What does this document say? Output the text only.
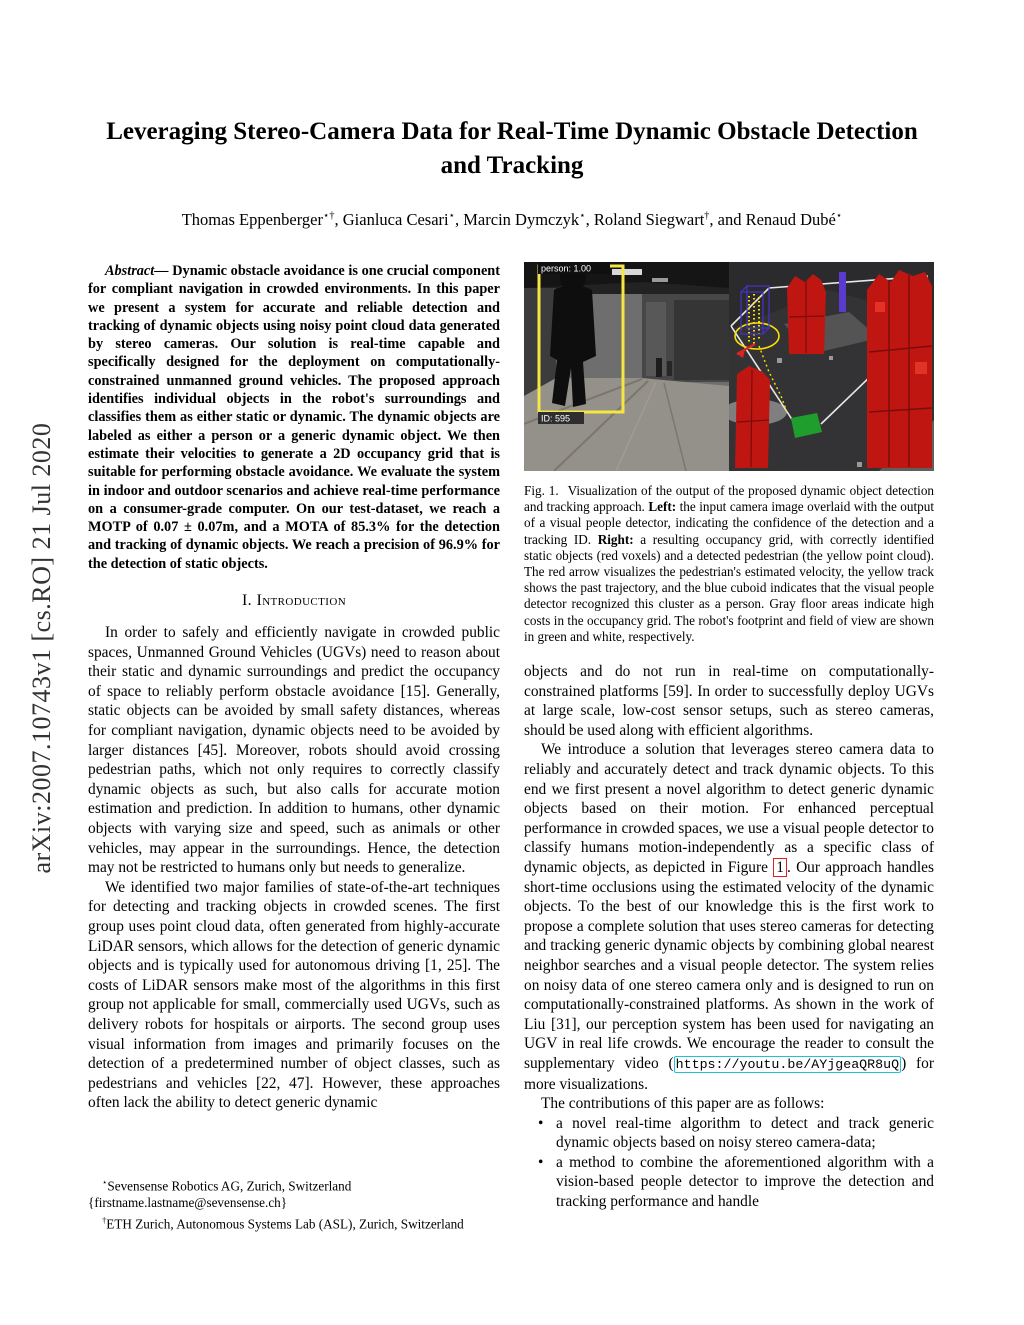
arXiv:2007.10743v1 [cs.RO] 21 Jul 2020
Leveraging Stereo-Camera Data for Real-Time Dynamic Obstacle Detection and Tracking
Thomas Eppenberger⋆†, Gianluca Cesari⋆, Marcin Dymczyk⋆, Roland Siegwart†, and Renaud Dubé⋆

Abstract— Dynamic obstacle avoidance is one crucial component for compliant navigation in crowded environments. In this paper we present a system for accurate and reliable detection and tracking of dynamic objects using noisy point cloud data generated by stereo cameras. Our solution is real-time capable and specifically designed for the deployment on computationally-constrained unmanned ground vehicles. The proposed approach identifies individual objects in the robot's surroundings and classifies them as either static or dynamic. The dynamic objects are labeled as either a person or a generic dynamic object. We then estimate their velocities to generate a 2D occupancy grid that is suitable for performing obstacle avoidance. We evaluate the system in indoor and outdoor scenarios and achieve real-time performance on a consumer-grade computer. On our test-dataset, we reach a MOTP of 0.07 ± 0.07m, and a MOTA of 85.3% for the detection and tracking of dynamic objects. We reach a precision of 96.9% for the detection of static objects.

I. Introduction

In order to safely and efficiently navigate in crowded public spaces, Unmanned Ground Vehicles (UGVs) need to reason about their static and dynamic surroundings and predict the occupancy of space to reliably perform obstacle avoidance [15]. Generally, static objects can be avoided by small safety distances, whereas for compliant navigation, dynamic objects need to be avoided by larger distances [45]. Moreover, robots should avoid crossing pedestrian paths, which not only requires to correctly classify dynamic objects as such, but also calls for accurate motion estimation and prediction. In addition to humans, other dynamic objects with varying size and speed, such as animals or other vehicles, may appear in the surroundings. Hence, the detection may not be restricted to humans only but needs to generalize.

We identified two major families of state-of-the-art techniques for detecting and tracking objects in crowded scenes. The first group uses point cloud data, often generated from highly-accurate LiDAR sensors, which allows for the detection of generic dynamic objects and is typically used for autonomous driving [1, 25]. The costs of LiDAR sensors make most of the algorithms in this first group not applicable for small, commercially used UGVs, such as delivery robots for hospitals or airports. The second group uses visual information from images and primarily focuses on the detection of a predetermined number of object classes, such as pedestrians and vehicles [22, 47]. However, these approaches often lack the ability to detect generic dynamic

⋆Sevensense Robotics AG, Zurich, Switzerland
{firstname.lastname@sevensense.ch}
†ETH Zurich, Autonomous Systems Lab (ASL), Zurich, Switzerland
person: 1.00
ID: 595
Fig. 1. Visualization of the output of the proposed dynamic object detection and tracking approach. Left: the input camera image overlaid with the output of a visual people detector, indicating the confidence of the detection and a tracking ID. Right: a resulting occupancy grid, with correctly identified static objects (red voxels) and a detected pedestrian (the yellow point cloud). The red arrow visualizes the pedestrian's estimated velocity, the yellow track shows the past trajectory, and the blue cuboid indicates that the visual people detector recognized this cluster as a person. Gray floor areas indicate high costs in the occupancy grid. The robot's footprint and field of view are shown in green and white, respectively.

objects and do not run in real-time on computationally-constrained platforms [59]. In order to successfully deploy UGVs at large scale, low-cost sensor setups, such as stereo cameras, should be used along with efficient algorithms.

We introduce a solution that leverages stereo camera data to reliably and accurately detect and track dynamic objects. To this end we first present a novel algorithm to detect generic dynamic objects based on their motion. For enhanced perceptual performance in crowded spaces, we use a visual people detector to classify humans motion-independently as a specific class of dynamic objects, as depicted in Figure 1 . Our approach handles short-time occlusions using the estimated velocity of the dynamic objects. To the best of our knowledge this is the first work to propose a complete solution that uses stereo cameras for detecting and tracking generic dynamic objects by combining global nearest neighbor searches and a visual people detector. The system relies on noisy data of one stereo camera only and is designed to run on computationally-constrained platforms. As shown in the work of Liu [31], our perception system has been used for navigating an UGV in real life crowds. We encourage the reader to consult the supplementary video ( https://youtu.be/AYjgeaQR8uQ ) for more visualizations.

The contributions of this paper are as follows:

• a novel real-time algorithm to detect and track generic dynamic objects based on noisy stereo camera-data;
• a method to combine the aforementioned algorithm with a vision-based people detector to improve the detection and tracking performance and handle
